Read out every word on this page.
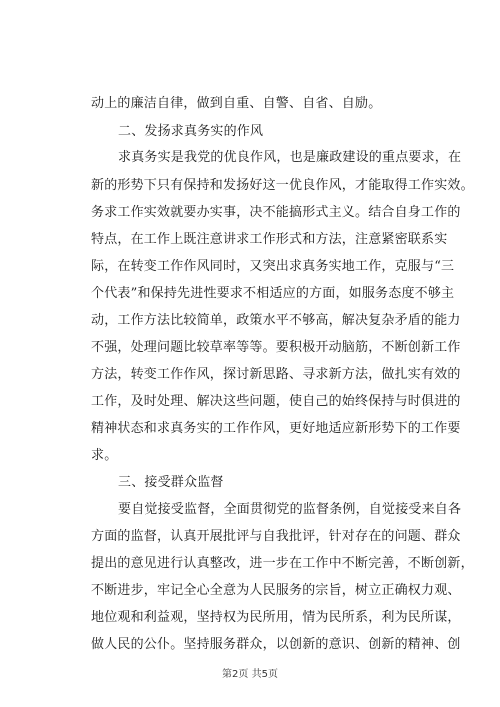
动上的廉洁自律，做到自重、自警、自省、自励。
二、发扬求真务实的作风
求真务实是我党的优良作风，也是廉政建设的重点要求，在
新的形势下只有保持和发扬好这一优良作风，才能取得工作实效。
务求工作实效就要办实事，决不能搞形式主义。结合自身工作的
特点，在工作上既注意讲求工作形式和方法，注意紧密联系实
际，在转变工作作风同时，又突出求真务实地工作，克服与“三
个代表”和保持先进性要求不相适应的方面，如服务态度不够主
动，工作方法比较简单，政策水平不够高，解决复杂矛盾的能力
不强，处理问题比较草率等等。要积极开动脑筋，不断创新工作
方法，转变工作作风，探讨新思路、寻求新方法，做扎实有效的
工作，及时处理、解决这些问题，使自己的始终保持与时俱进的
精神状态和求真务实的工作作风，更好地适应新形势下的工作要
求。
三、接受群众监督
要自觉接受监督，全面贯彻党的监督条例，自觉接受来自各
方面的监督，认真开展批评与自我批评，针对存在的问题、群众
提出的意见进行认真整改，进一步在工作中不断完善，不断创新，
不断进步，牢记全心全意为人民服务的宗旨，树立正确权力观、
地位观和利益观，坚持权为民所用，情为民所系，利为民所谋，
做人民的公仆。坚持服务群众，以创新的意识、创新的精神、创
第2页 共5页
